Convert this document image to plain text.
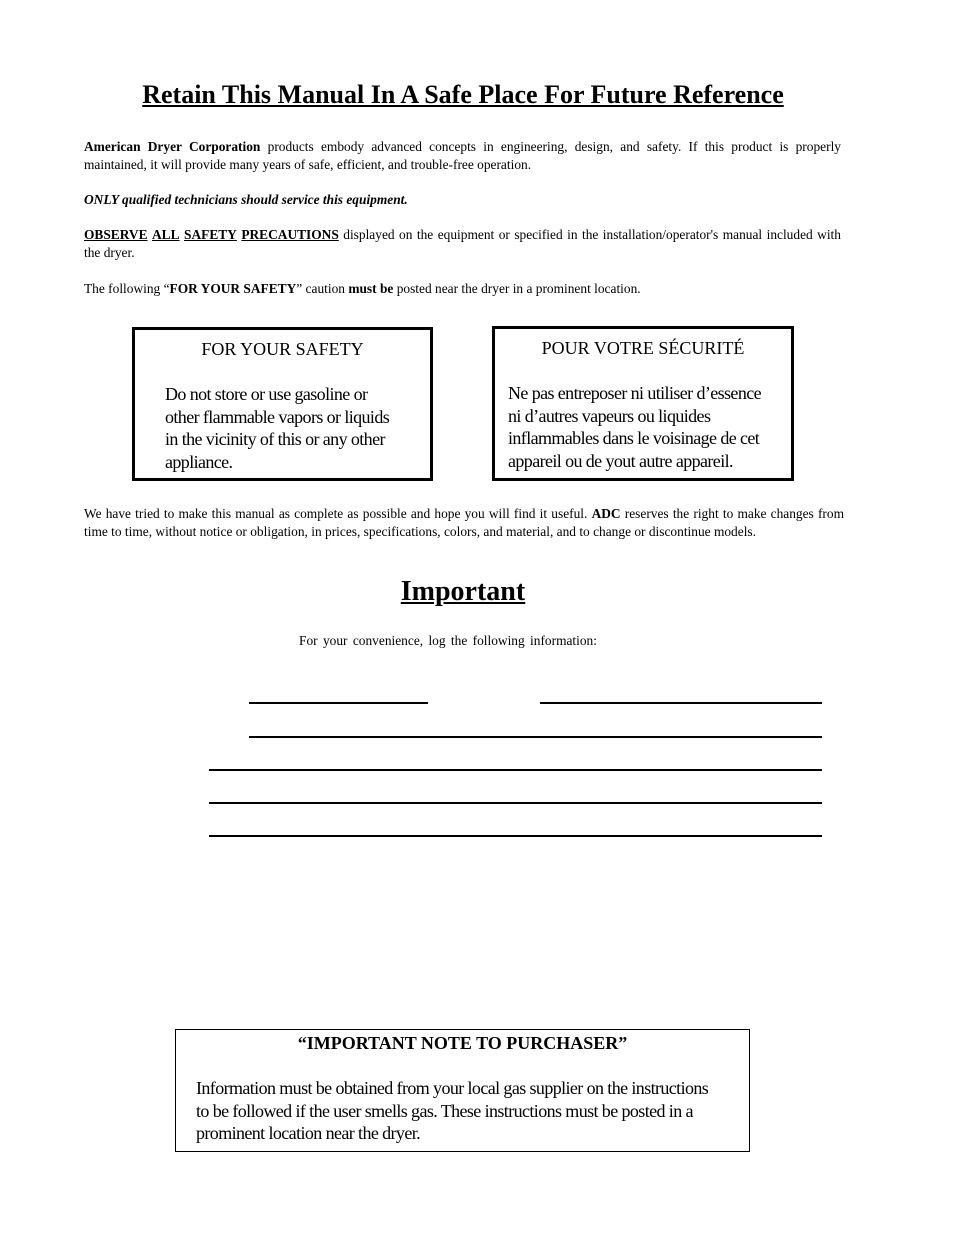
Retain This Manual In A Safe Place For Future Reference

American Dryer Corporation products embody advanced concepts in engineering, design, and safety. If this product is properly maintained, it will provide many years of safe, efficient, and trouble-free operation.

ONLY qualified technicians should service this equipment.

OBSERVE ALL SAFETY PRECAUTIONS displayed on the equipment or specified in the installation/operator's manual included with the dryer.

The following “FOR YOUR SAFETY” caution must be posted near the dryer in a prominent location.

FOR YOUR SAFETY
Do not store or use gasoline or
other flammable vapors or liquids
in the vicinity of this or any other
appliance.
POUR VOTRE SÉCURITÉ
Ne pas entreposer ni utiliser d’essence
ni d’autres vapeurs ou liquides
inflammables dans le voisinage de cet
appareil ou de yout autre appareil.

We have tried to make this manual as complete as possible and hope you will find it useful. ADC reserves the right to make changes from time to time, without notice or obligation, in prices, specifications, colors, and material, and to change or discontinue models.

Important

For your convenience, log the following information:

“IMPORTANT NOTE TO PURCHASER”
Information must be obtained from your local gas supplier on the instructions
to be followed if the user smells gas. These instructions must be posted in a
prominent location near the dryer.
